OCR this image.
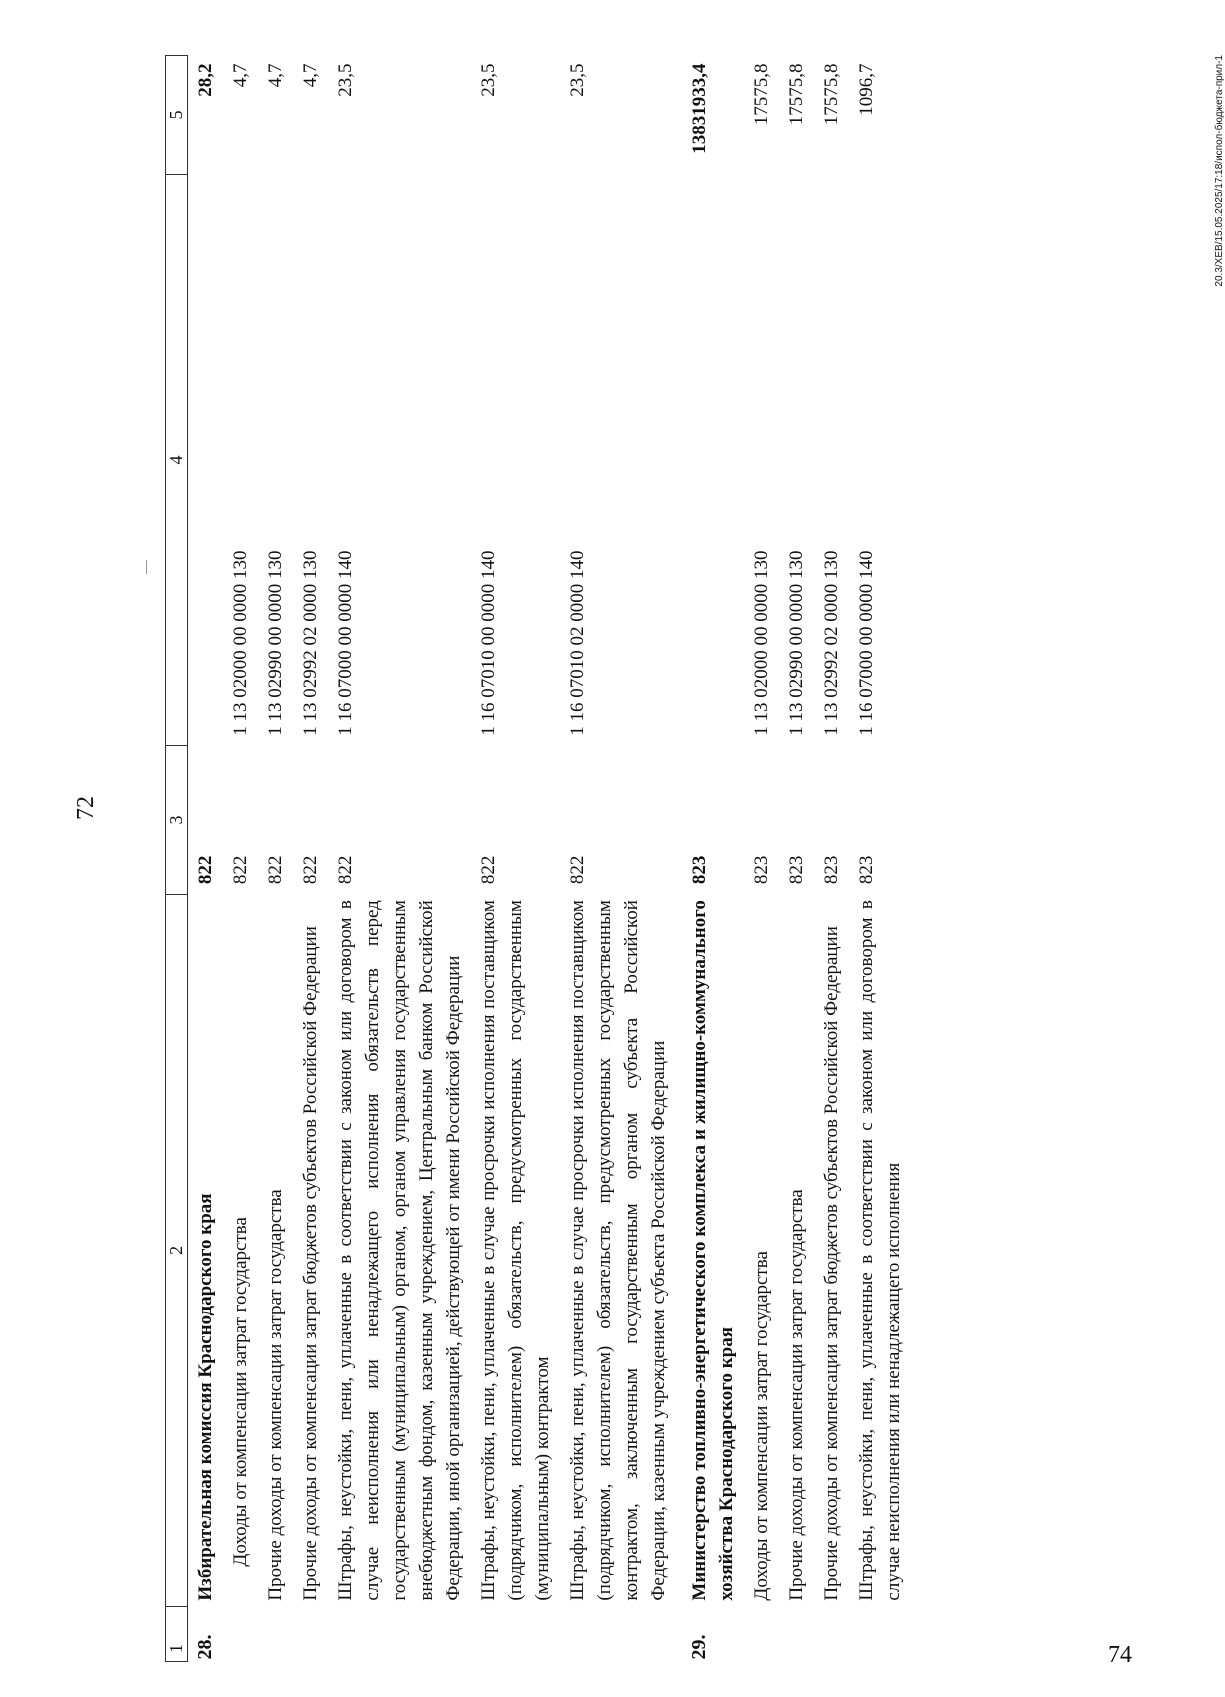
72
1	2	3	4	5
28.	Избирательная комиссия Краснодарского края	822		28,2
	Доходы от компенсации затрат государства	822	1 13 02000 00 0000 130	4,7
	Прочие доходы от компенсации затрат государства	822	1 13 02990 00 0000 130	4,7
	Прочие доходы от компенсации затрат бюджетов субъектов Российской Федерации	822	1 13 02992 02 0000 130	4,7
	Штрафы, неустойки, пени, уплаченные в соответствии с законом или договором в случае неисполнения или ненадлежащего исполнения обязательств перед государственным (муниципальным) органом, органом управления государственным внебюджетным фондом, казенным учреждением, Центральным банком Российской Федерации, иной организацией, действующей от имени Российской Федерации	822	1 16 07000 00 0000 140	23,5
	Штрафы, неустойки, пени, уплаченные в случае просрочки исполнения поставщиком (подрядчиком, исполнителем) обязательств, предусмотренных государственным (муниципальным) контрактом	822	1 16 07010 00 0000 140	23,5
	Штрафы, неустойки, пени, уплаченные в случае просрочки исполнения поставщиком (подрядчиком, исполнителем) обязательств, предусмотренных государственным контрактом, заключенным государственным органом субъекта Российской Федерации, казенным учреждением субъекта Российской Федерации	822	1 16 07010 02 0000 140	23,5
29.	Министерство топливно-энергетического комплекса и жилищно-коммунального хозяйства Краснодарского края	823		13831933,4
	Доходы от компенсации затрат государства	823	1 13 02000 00 0000 130	17575,8
	Прочие доходы от компенсации затрат государства	823	1 13 02990 00 0000 130	17575,8
	Прочие доходы от компенсации затрат бюджетов субъектов Российской Федерации	823	1 13 02992 02 0000 130	17575,8
	Штрафы, неустойки, пени, уплаченные в соответствии с законом или договором в случае неисполнения или ненадлежащего исполнения	823	1 16 07000 00 0000 140	1096,7	20.3/XEB/15.05.2025/17:18/испол-бюджета-прил-1
74
